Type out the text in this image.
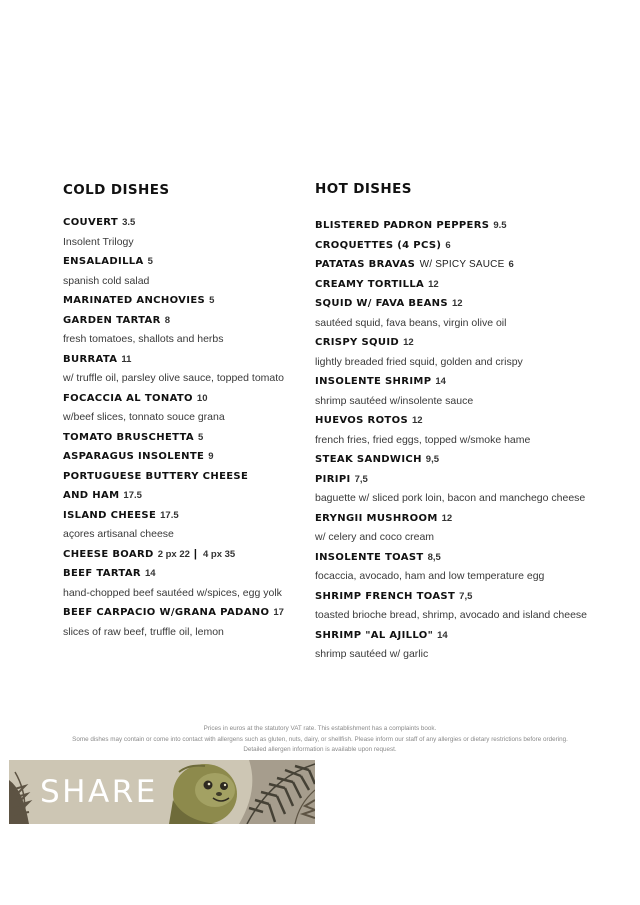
COLD DISHES
COUVERT 3.5
Insolent Trilogy
ENSALADILLA 5
spanish cold salad
MARINATED ANCHOVIES 5
GARDEN TARTAR 8
fresh tomatoes, shallots and herbs
BURRATA 11
w/ truffle oil, parsley olive sauce, topped tomato
FOCACCIA AL TONATO 10
w/beef slices, tonnato souce grana
TOMATO BRUSCHETTA 5
ASPARAGUS INSOLENTE 9
PORTUGUESE BUTTERY CHEESE
AND HAM 17.5
ISLAND CHEESE 17.5
açores artisanal cheese
CHEESE BOARD 2 px 22 | 4 px 35
BEEF TARTAR 14
hand-chopped beef sautéed w/spices, egg yolk
BEEF CARPACIO W/GRANA PADANO 17
slices of raw beef, truffle oil, lemon
HOT DISHES
BLISTERED PADRON PEPPERS 9.5
CROQUETTES (4 PCS) 6
PATATAS BRAVAS W/ SPICY SAUCE 6
CREAMY TORTILLA 12
SQUID W/ FAVA BEANS 12
sautéed squid, fava beans, virgin olive oil
CRISPY SQUID 12
lightly breaded fried squid, golden and crispy
INSOLENTE SHRIMP 14
shrimp sautéed w/insolente sauce
HUEVOS ROTOS 12
french fries, fried eggs, topped w/smoke hame
STEAK SANDWICH 9,5
PIRIPI 7,5
baguette w/ sliced pork loin, bacon and manchego cheese
ERYNGII MUSHROOM 12
w/ celery and coco cream
INSOLENTE TOAST 8,5
focaccia, avocado, ham and low temperature egg
SHRIMP FRENCH TOAST 7,5
toasted brioche bread, shrimp, avocado and island cheese
SHRIMP "AL AJILLO" 14
shrimp sautéed w/ garlic
Prices in euros at the statutory VAT rate. This establishment has a complaints book.
Some dishes may contain or come into contact with allergens such as gluten, nuts, dairy, or shellfish. Please inform our staff of any allergies or dietary restrictions before ordering.
Detailed allergen information is available upon request.
SHARE
